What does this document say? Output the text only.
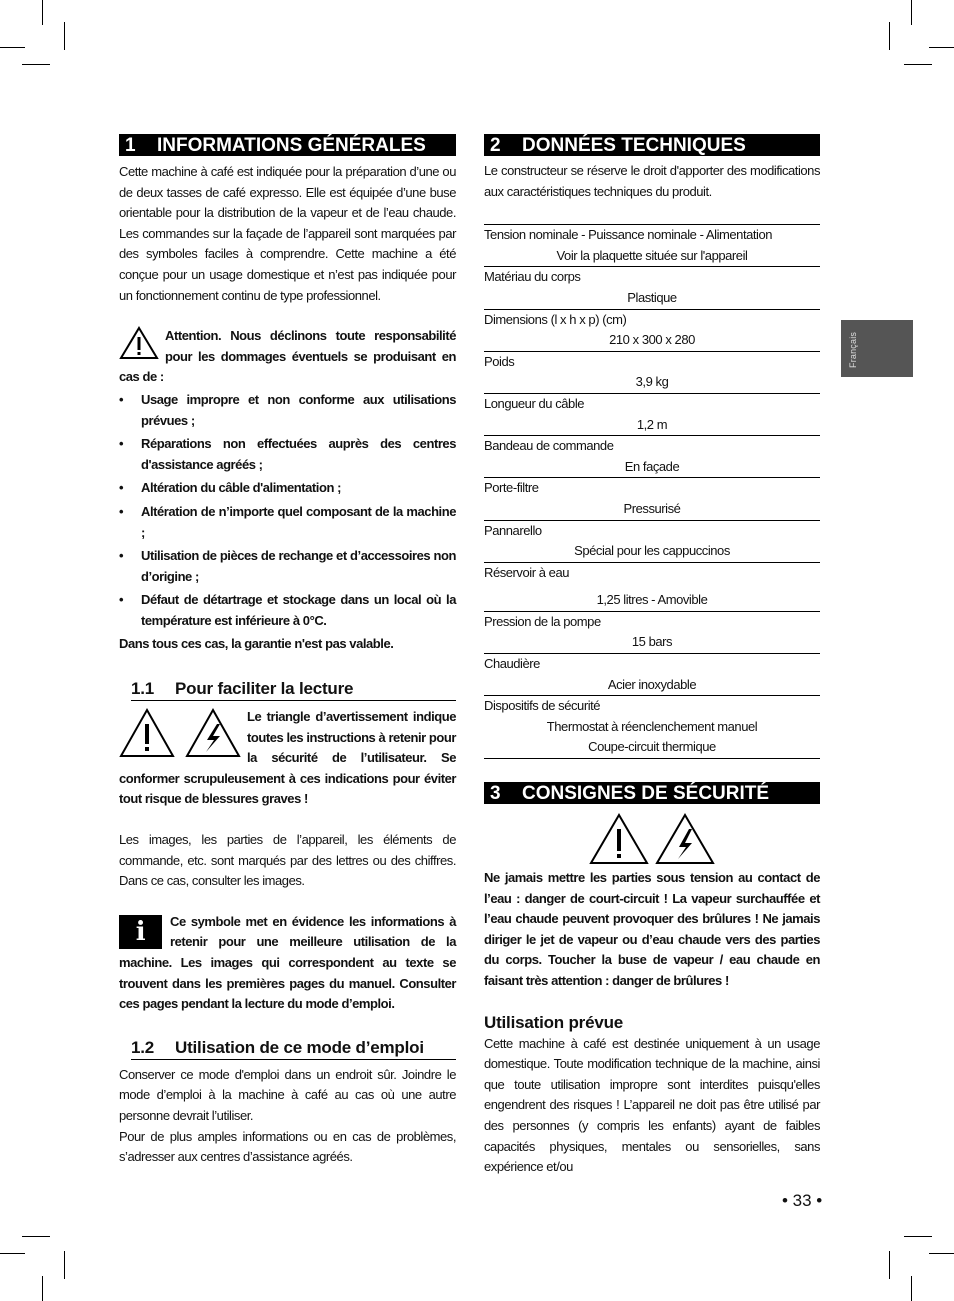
Français
1 INFORMATIONS GÉNÉRALES

Cette machine à café est indiquée pour la préparation d’une ou de deux tasses de café expresso. Elle est équipée d’une buse orientable pour la distribution de la vapeur et de l’eau chaude. Les commandes sur la façade de l’appareil sont marquées par des symboles faciles à comprendre. Cette machine a été conçue pour un usage domestique et n’est pas indiquée pour un fonctionnement continu de type professionnel.

Attention. Nous déclinons toute responsabilité pour les dommages éventuels se produisant en cas de :

• Usage impropre et non conforme aux utilisations prévues ;
• Réparations non effectuées auprès des centres d'assistance agréés ;
• Altération du câble d'alimentation ;
• Altération de n’importe quel composant de la machine ;
• Utilisation de pièces de rechange et d’accessoires non d’origine ;
• Défaut de détartrage et stockage dans un local où la température est inférieure à 0°C.

Dans tous ces cas, la garantie n'est pas valable.

1.1 Pour faciliter la lecture

Le triangle d’avertissement indique toutes les instructions à retenir pour la sécurité de l’utilisateur. Se conformer scrupuleusement à ces indications pour éviter tout risque de blessures graves !

Les images, les parties de l’appareil, les éléments de commande, etc. sont marqués par des lettres ou des chiffres. Dans ce cas, consulter les images.

i	Ce symbole met en évidence les informations à retenir pour une meilleure utilisation de la machine. Les images qui correspondent au texte se trouvent dans les premières pages du manuel. Consulter ces pages pendant la lecture du mode d’emploi.

1.2 Utilisation de ce mode d’emploi

Conserver ce mode d'emploi dans un endroit sûr. Joindre le mode d’emploi à la machine à café au cas où une autre personne devrait l’utiliser.

Pour de plus amples informations ou en cas de problèmes, s’adresser aux centres d’assistance agréés.

2 DONNÉES TECHNIQUES

Le constructeur se réserve le droit d'apporter des modifications aux caractéristiques techniques du produit.

Tension nominale - Puissance nominale - Alimentation
Voir la plaquette située sur l'appareil

Matériau du corps
Plastique

Dimensions (l x h x p) (cm)
210 x 300 x 280

Poids
3,9 kg

Longueur du câble
1,2 m

Bandeau de commande
En façade

Porte-filtre
Pressurisé

Pannarello
Spécial pour les cappuccinos

Réservoir à eau
1,25 litres - Amovible

Pression de la pompe
15 bars

Chaudière
Acier inoxydable

Dispositifs de sécurité
Thermostat à réenclenchement manuel
Coupe-circuit thermique
3 CONSIGNES DE SÉCURITÉ

Ne jamais mettre les parties sous tension au contact de l’eau : danger de court-circuit ! La vapeur surchauffée et l’eau chaude peuvent provoquer des brûlures ! Ne jamais diriger le jet de vapeur ou d’eau chaude vers des parties du corps. Toucher la buse de vapeur / eau chaude en faisant très attention : danger de brûlures !

Utilisation prévue

Cette machine à café est destinée uniquement à un usage domestique. Toute modification technique de la machine, ainsi que toute utilisation impropre sont interdites puisqu'elles engendrent des risques ! L’appareil ne doit pas être utilisé par des personnes (y compris les enfants) ayant de faibles capacités physiques, mentales ou sensorielles, sans expérience et/ou

• 33 •
